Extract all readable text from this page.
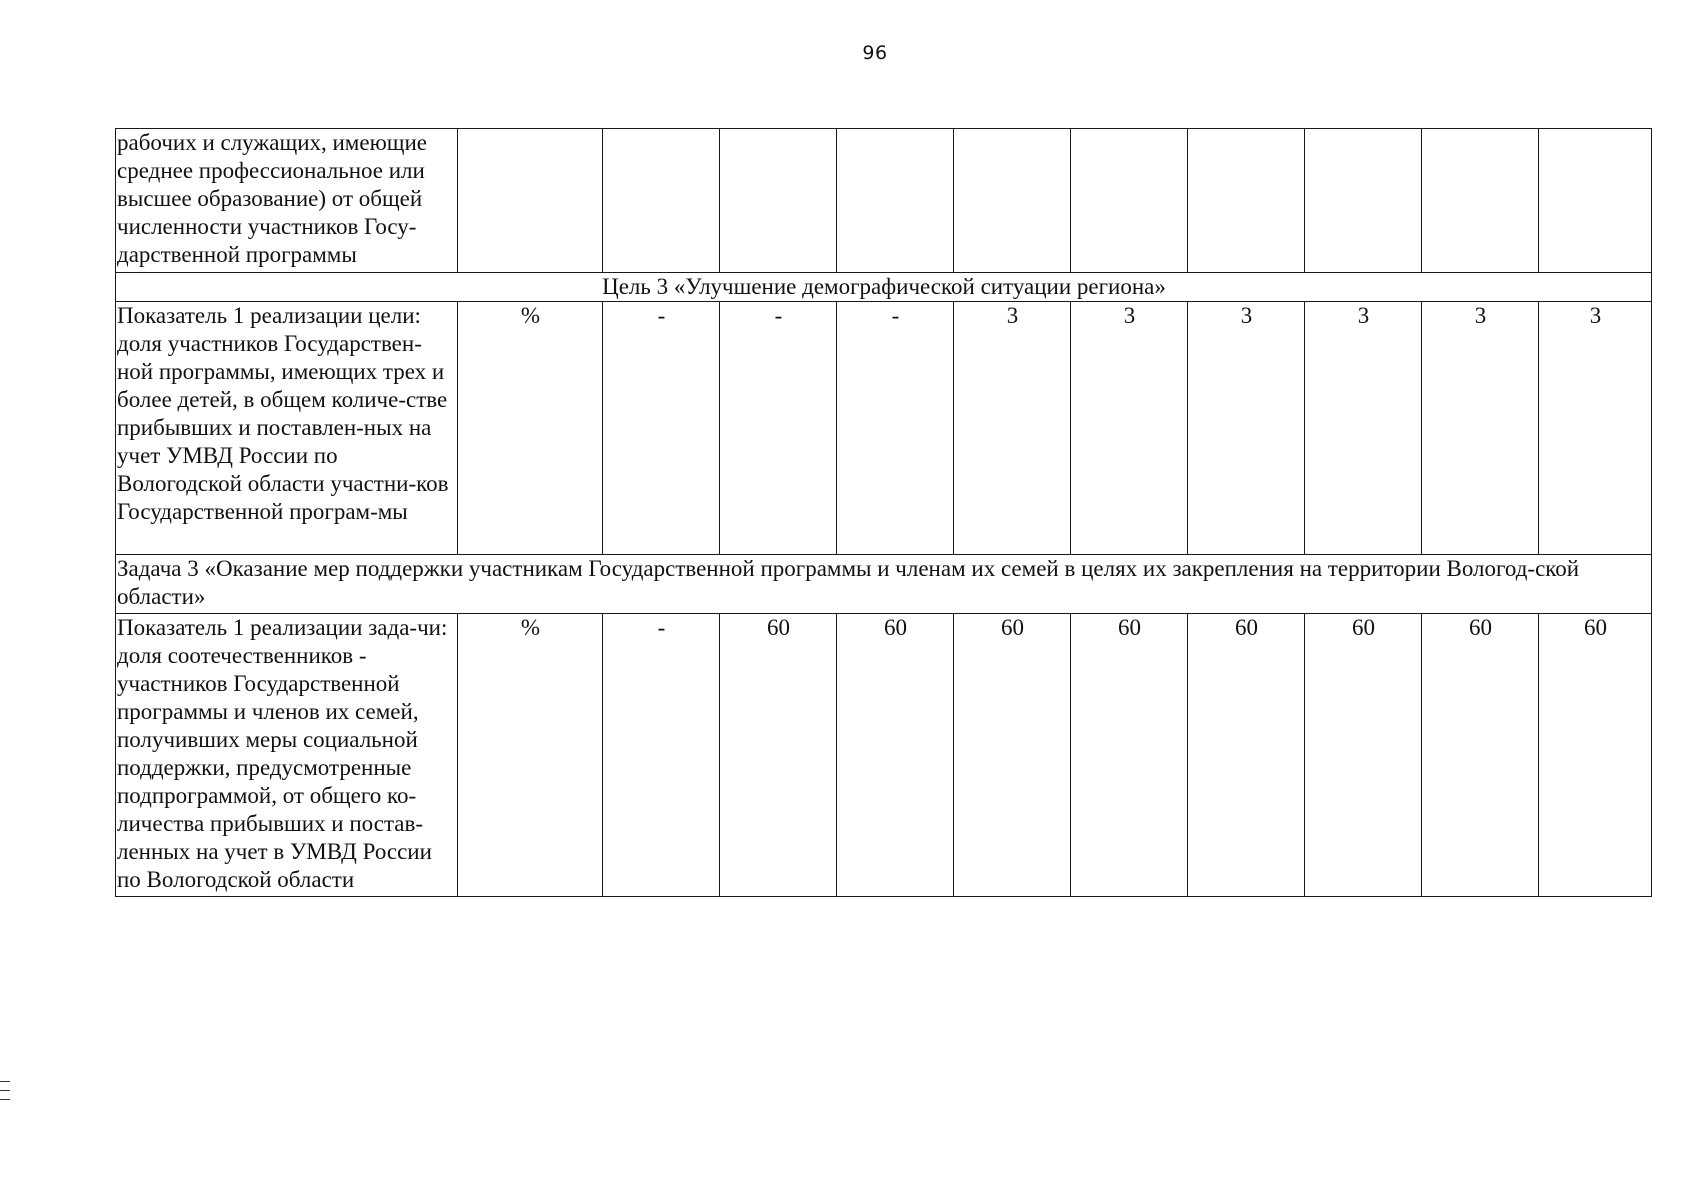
96
рабочих и служащих, имеющие среднее профессиональное или высшее образование) от общей численности участников Госу-дарственной программы										
Цель 3 «Улучшение демографической ситуации региона»										
Показатель 1 реализации цели: доля участников Государствен-ной программы, имеющих трех и более детей, в общем количе-стве прибывших и поставлен-ных на учет УМВД России по Вологодской области участни-ков Государственной програм-мы	%	-	-	-	3	3	3	3	3	3
Задача 3 «Оказание мер поддержки участникам Государственной программы и членам их семей в целях их закрепления на территории Вологод-ской области»										
Показатель 1 реализации зада-чи: доля соотечественников - участников Государственной программы и членов их семей, получивших меры социальной поддержки, предусмотренные подпрограммой, от общего ко-личества прибывших и постав-ленных на учет в УМВД России по Вологодской области	%	-	60	60	60	60	60	60	60	60
